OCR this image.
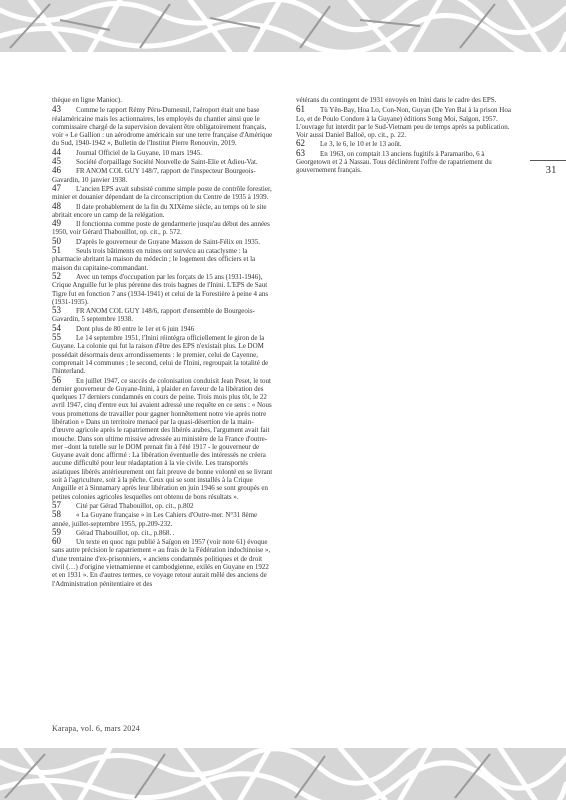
thèque en ligne Manioc).

43 Comme le rapport Rémy Péru-Dumesnil, l'aéroport était une base réalaméricaine mais les actionnaires, les employés du chantier ainsi que le commissaire chargé de la supervision devaient être obligatoirement français, voir « Le Gallion : un aérodrome américain sur une terre française d'Amérique du Sud, 1940-1942 », Bulletin de l'Institut Pierre Renouvin, 2019.

44 Journal Officiel de la Guyane, 10 mars 1945.

45 Société d'orpaillage Société Nouvelle de Saint-Elie et Adieu-Vat.

46 FR ANOM COL GUY 148/7, rapport de l'inspecteur Bourgeois-Gavardin, 10 janvier 1938.

47 L'ancien EPS avait subsisté comme simple poste de contrôle forestier, minier et douanier dépendant de la circonscription du Centre de 1935 à 1939.

48 Il date probablement de la fin du XIXème siècle, au temps où le site abritait encore un camp de la relégation.

49 Il fonctionna comme poste de gendarmerie jusqu'au début des années 1950, voir Gérard Thabouillot, op. cit., p. 572.

50 D'après le gouverneur de Guyane Masson de Saint-Félix en 1935.

51 Seuls trois bâtiments en ruines ont survécu au cataclysme : la pharmacie abritant la maison du médecin ; le logement des officiers et la maison du capitaine-commandant.

52 Avec un temps d'occupation par les forçats de 15 ans (1931-1946), Crique Anguille fut le plus pérenne des trois bagnes de l'Inini. L'EPS de Saut Tigre fut en fonction 7 ans (1934-1941) et celui de la Forestière à peine 4 ans (1931-1935).

53 FR ANOM COL GUY 148/6, rapport d'ensemble de Bourgeois-Gavardin, 5 septembre 1938.

54 Dont plus de 80 entre le 1er et 6 juin 1946

55 Le 14 septembre 1951, l'Inini réintégra officiellement le giron de la Guyane. La colonie qui fut la raison d'être des EPS n'existait plus. Le DOM possédait désormais deux arrondissements : le premier, celui de Cayenne, comprenait 14 communes ; le second, celui de l'Inini, regroupait la totalité de l'hinterland.

56 En juillet 1947, ce succès de colonisation conduisit Jean Peset, le tout dernier gouverneur de Guyane-Inini, à plaider en faveur de la libération des quelques 17 derniers condamnés en cours de peine. Trois mois plus tôt, le 22 avril 1947, cinq d'entre eux lui avaient adressé une requête en ce sens : « Nous vous promettons de travailler pour gagner honnêtement notre vie après notre libération » Dans un territoire menacé par la quasi-désertion de la main-d'œuvre agricole après le rapatriement des libérés arabes, l'argument avait fait mouche. Dans son ultime missive adressée au ministère de la France d'outre-mer –dont la tutelle sur le DOM prenait fin à l'été 1917 - le gouverneur de Guyane avait donc affirmé : La libération éventuelle des intéressés ne créera aucune difficulté pour leur réadaptation à la vie civile. Les transportés asiatiques libérés antérieurement ont fait preuve de bonne volonté en se livrant soit à l'agriculture, soit à la pêche. Ceux qui se sont installés à la Crique Anguille et à Sinnamary après leur libération en juin 1946 se sont groupés en petites colonies agricoles lesquelles ont obtenu de bons résultats ».

57 Cité par Gérad Thabouillot, op. cit., p.802

58 « La Guyane française » in Les Cahiers d'Outre-mer. N°31 8ème année, juillet-septembre 1955, pp.209-232.

59 Gérad Thabouillot, op. cit., p.868. .

60 Un texte en quoc ngu publié à Saïgon en 1957 (voir note 61) évoque sans autre précision le rapatriement « au frais de la Fédération indochinoise », d'une trentaine d'ex-prisonniers, « anciens condamnés politiques et de droit civil (…) d'origine vietnamienne et cambodgienne, exilés en Guyane en 1922 et en 1931 ». En d'autres termes, ce voyage retour aurait mêlé des anciens de l'Administration pénitentiaire et des

vétérans du contingent de 1931 envoyés en Inini dans le cadre des EPS.

61 Tù Yên-Bay, Hoa Lo, Con-Non, Guyan (De Yen Bai à la prison Hoa Lo, et de Poulo Condore à la Guyane) éditions Song Moi, Saïgon, 1957. L'ouvrage fut interdit par le Sud-Vietnam peu de temps après sa publication. Voir aussi Daniel Balloë, op. cit., p. 22.

62 Le 3, le 6, le 10 et le 13 août.

63 En 1963, on comptait 13 anciens fugitifs à Paramaribo, 6 à Georgetown et 2 à Nassau. Tous déclinèrent l'offre de rapatriement du gouvernement français.	31
Karapa, vol. 6, mars 2024
